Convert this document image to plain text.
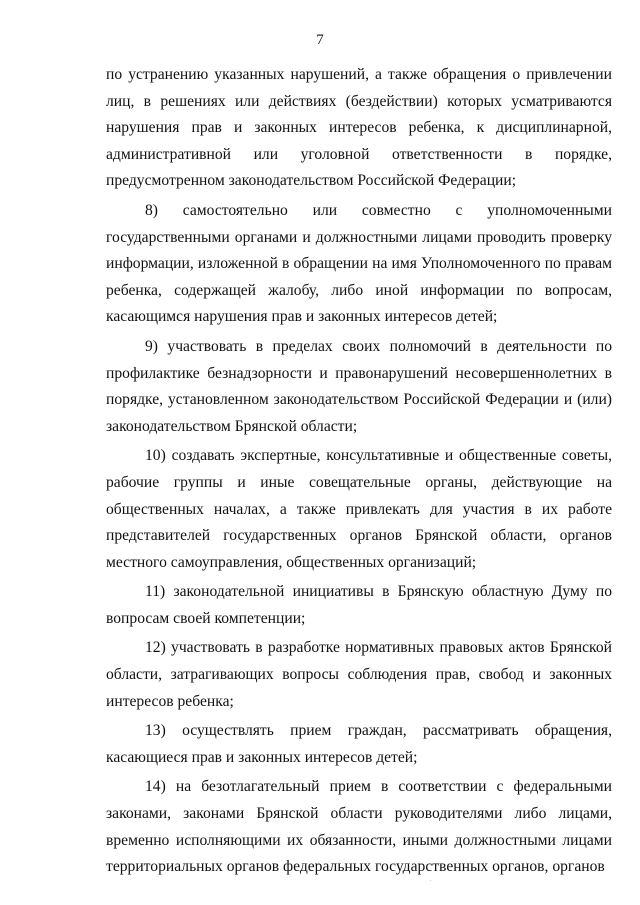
7

по устранению указанных нарушений, а также обращения о привлечении лиц, в решениях или действиях (бездействии) которых усматриваются нарушения прав и законных интересов ребенка, к дисциплинарной, административной или уголовной ответственности в порядке, предусмотренном законодательством Российской Федерации;

8) самостоятельно или совместно с уполномоченными государственными органами и должностными лицами проводить проверку информации, изложенной в обращении на имя Уполномоченного по правам ребенка, содержащей жалобу, либо иной информации по вопросам, касающимся нарушения прав и законных интересов детей;

9) участвовать в пределах своих полномочий в деятельности по профилактике безнадзорности и правонарушений несовершеннолетних в порядке, установленном законодательством Российской Федерации и (или) законодательством Брянской области;

10) создавать экспертные, консультативные и общественные советы, рабочие группы и иные совещательные органы, действующие на общественных началах, а также привлекать для участия в их работе представителей государственных органов Брянской области, органов местного самоуправления, общественных организаций;

11) законодательной инициативы в Брянскую областную Думу по вопросам своей компетенции;

12) участвовать в разработке нормативных правовых актов Брянской области, затрагивающих вопросы соблюдения прав, свобод и законных интересов ребенка;

13) осуществлять прием граждан, рассматривать обращения, касающиеся прав и законных интересов детей;

14) на безотлагательный прием в соответствии с федеральными законами, законами Брянской области руководителями либо лицами, временно исполняющими их обязанности, иными должностными лицами территориальных органов федеральных государственных органов, органов
